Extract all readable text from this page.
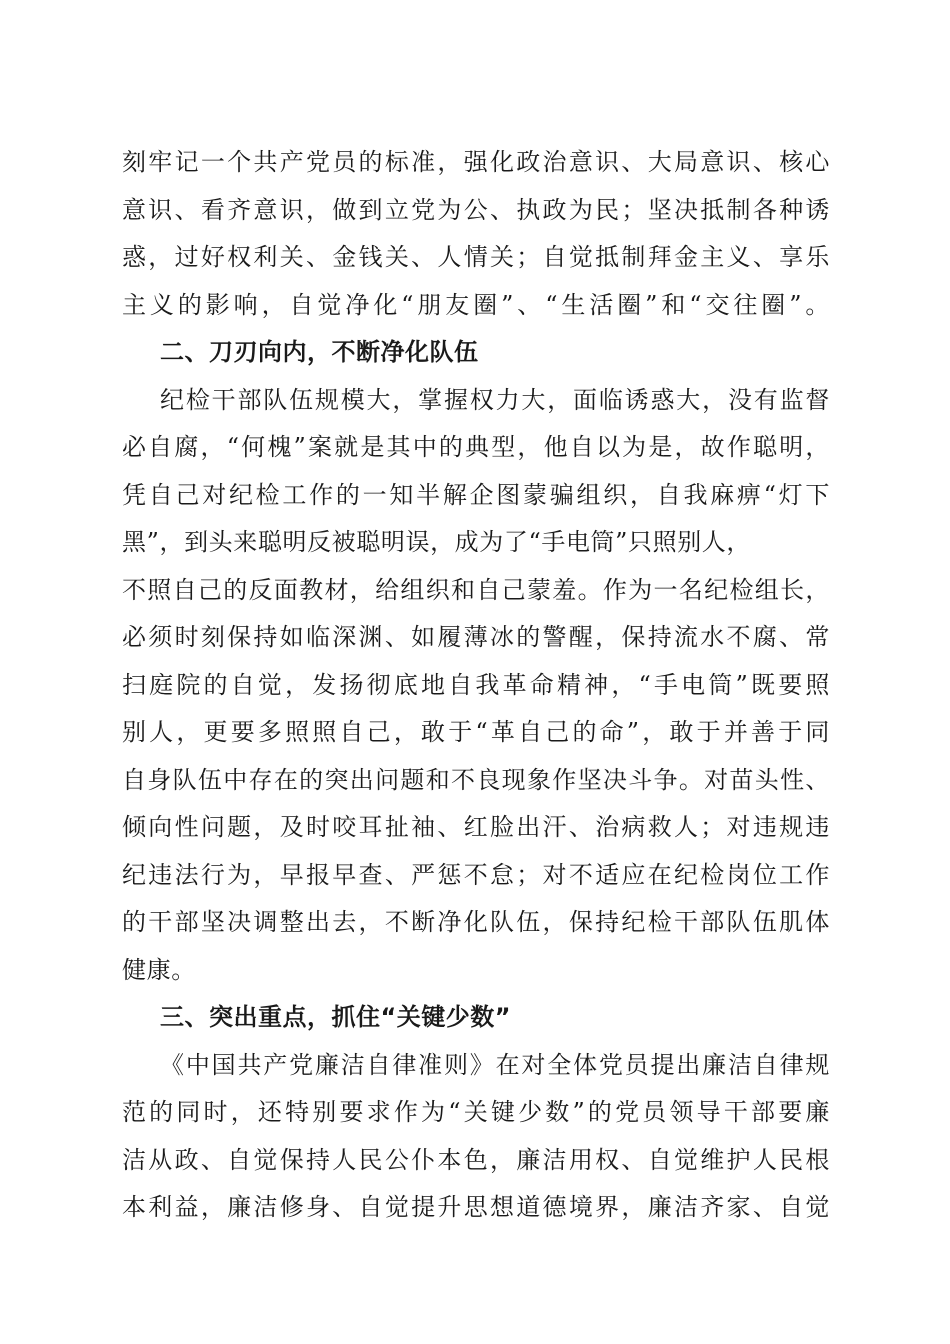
刻牢记一个共产党员的标准，强化政治意识、大局意识、核心
意识、看齐意识，做到立党为公、执政为民；坚决抵制各种诱
惑，过好权利关、金钱关、人情关；自觉抵制拜金主义、享乐
主义的影响，自觉净化“朋友圈”、“生活圈”和“交往圈”。
二、刀刃向内，不断净化队伍
纪检干部队伍规模大，掌握权力大，面临诱惑大，没有监督
必自腐，“何槐”案就是其中的典型，他自以为是，故作聪明，
凭自己对纪检工作的一知半解企图蒙骗组织，自我麻痹“灯下
黑”，到头来聪明反被聪明误，成为了“手电筒”只照别人，
不照自己的反面教材，给组织和自己蒙羞。作为一名纪检组长，
必须时刻保持如临深渊、如履薄冰的警醒，保持流水不腐、常
扫庭院的自觉，发扬彻底地自我革命精神，“手电筒”既要照
别人，更要多照照自己，敢于“革自己的命”，敢于并善于同
自身队伍中存在的突出问题和不良现象作坚决斗争。对苗头性、
倾向性问题，及时咬耳扯袖、红脸出汗、治病救人；对违规违
纪违法行为，早报早查、严惩不怠；对不适应在纪检岗位工作
的干部坚决调整出去，不断净化队伍，保持纪检干部队伍肌体
健康。
三、突出重点，抓住“关键少数”
《中国共产党廉洁自律准则》在对全体党员提出廉洁自律规
范的同时，还特别要求作为“关键少数”的党员领导干部要廉
洁从政、自觉保持人民公仆本色，廉洁用权、自觉维护人民根
本利益，廉洁修身、自觉提升思想道德境界，廉洁齐家、自觉
